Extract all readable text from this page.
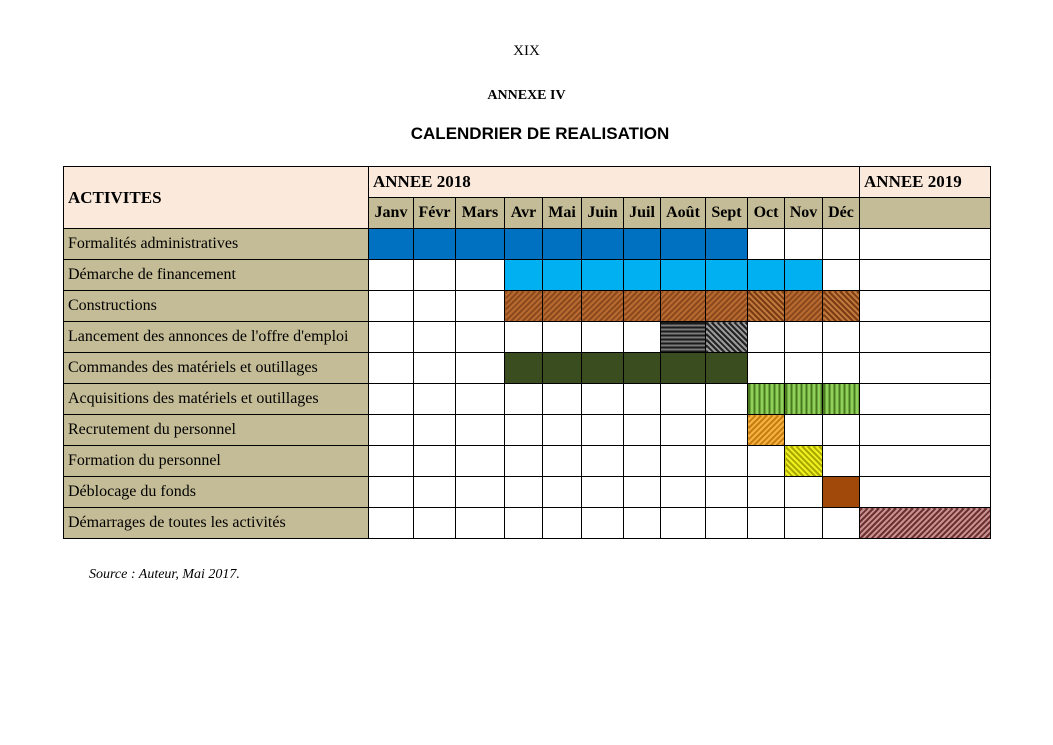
XIX
ANNEXE IV
CALENDRIER DE REALISATION
ACTIVITES	ANNEE 2018												ANNEE 2019
	Janv	Févr	Mars	Avr	Mai	Juin	Juil	Août	Sept	Oct	Nov	Déc	
Formalités administratives													
Démarche de financement													
Constructions													
Lancement des annonces de l'offre d'emploi													
Commandes des matériels et outillages													
Acquisitions des matériels et outillages													
Recrutement du personnel													
Formation du personnel													
Déblocage du fonds													
Démarrages de toutes les activités													
Source : Auteur, Mai 2017.
